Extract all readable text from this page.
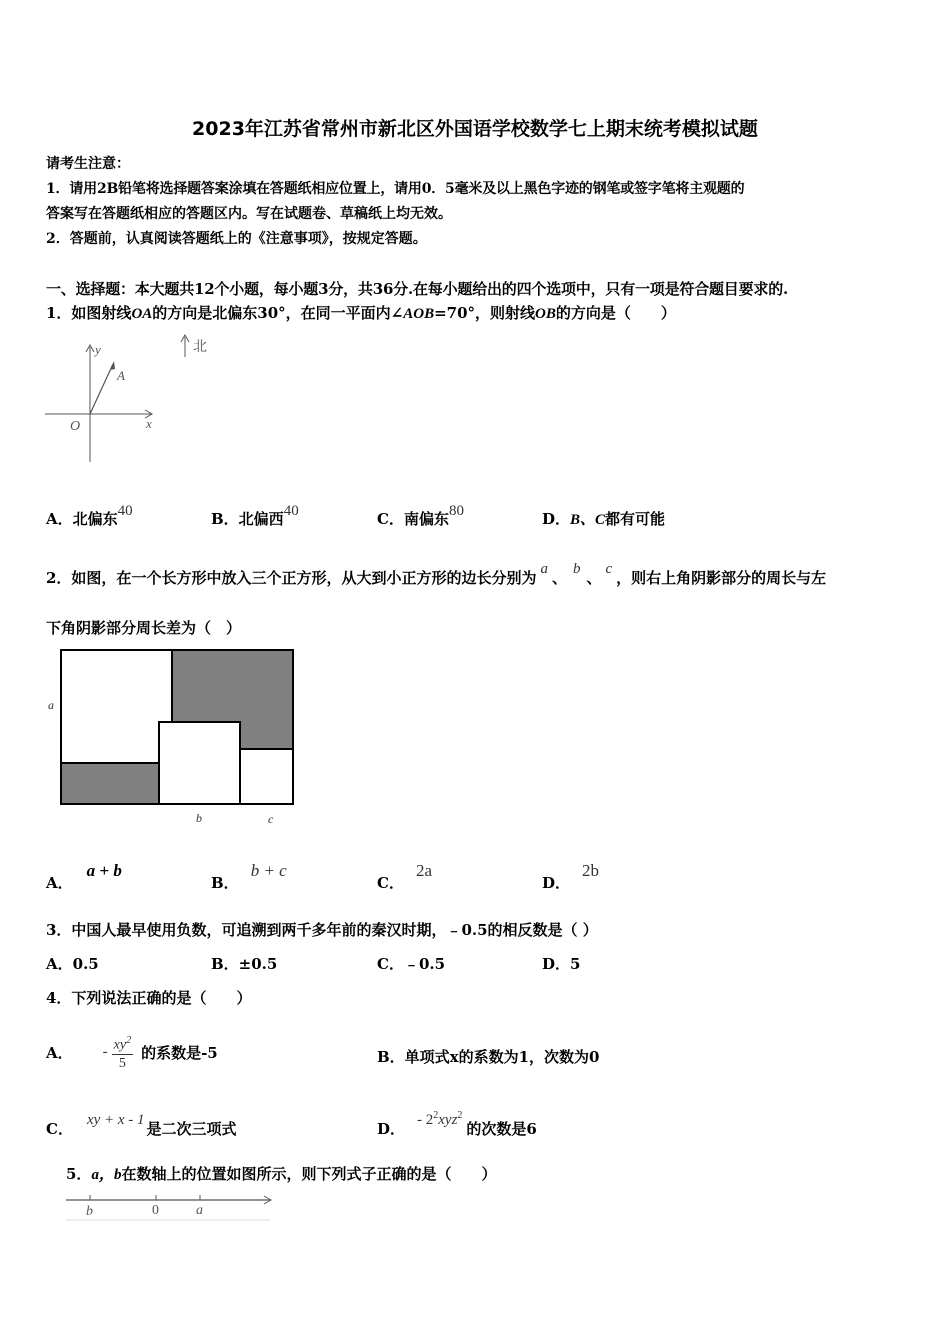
2023年江苏省常州市新北区外国语学校数学七上期末统考模拟试题
请考生注意：
1．请用2B铅笔将选择题答案涂填在答题纸相应位置上，请用0．5毫米及以上黑色字迹的钢笔或签字笔将主观题的
答案写在答题纸相应的答题区内。写在试题卷、草稿纸上均无效。
2．答题前，认真阅读答题纸上的《注意事项》，按规定答题。
一、选择题：本大题共12个小题，每小题3分，共36分.在每小题给出的四个选项中，只有一项是符合题目要求的.
1．如图射线OA的方向是北偏东30°，在同一平面内∠AOB=70°，则射线OB的方向是（　　）
y
x
O
A
北
A．北偏东40	B．北偏西40	C．南偏东80	D．B、C都有可能
2．如图，在一个长方形中放入三个正方形，从大到小正方形的边长分别为 a 、 b 、 c ，则右上角阴影部分的周长与左
下角阴影部分周长差为（　）
a
b	c
A．a + b
B．b + c
C．2a
D．2b
3．中国人最早使用负数，可追溯到两千多年前的秦汉时期，﹣0.5的相反数是（ ）
A．0.5	B．±0.5	C．﹣0.5	D．5
4．下列说法正确的是（　　）
A． - $\frac{xy^2}{5}$ 的系数是-5	B．单项式x的系数为1，次数为0
C． xy + x - 1 是二次三项式	D． - $2^2xyz^2$的次数是6
5．a，b在数轴上的位置如图所示，则下列式子正确的是（　　）
b	0	a
